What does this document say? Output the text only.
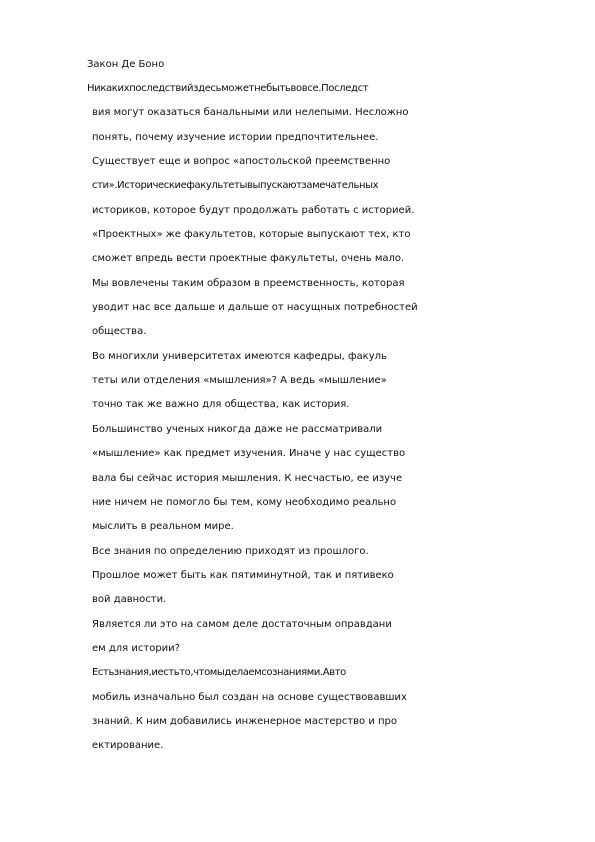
Закон Де Боно
Никакихпоследствийздесьможетнебытьвовсе.Последст
вия могут оказаться банальными или нелепыми. Несложно
понять, почему изучение истории предпочтительнее.
Существует еще и вопрос «апостольской преемственно
сти».Историческиефакультетывыпускаютзамечательных
историков, которое будут продолжать работать с историей.
«Проектных» же факультетов, которые выпускают тех, кто
сможет впредь вести проектные факультеты, очень мало.
Мы вовлечены таким образом в преемственность, которая
уводит нас все дальше и дальше от насущных потребностей
общества.
Во многихли университетах имеются кафедры, факуль
теты или отделения «мышления»? А ведь «мышление»
точно так же важно для общества, как история.
Большинство ученых никогда даже не рассматривали
«мышление» как предмет изучения. Иначе у нас существо
вала бы сейчас история мышления. К несчастью, ее изуче
ние ничем не помогло бы тем, кому необходимо реально
мыслить в реальном мире.
Все знания по определению приходят из прошлого.
Прошлое может быть как пятиминутной, так и пятивеко
вой давности.
Является ли это на самом деле достаточным оправдани
ем для истории?
Естьзнания,иестьто,чтомыделаемсознаниями.Авто
мобиль изначально был создан на основе существовавших
знаний. К ним добавились инженерное мастерство и про
ектирование.
